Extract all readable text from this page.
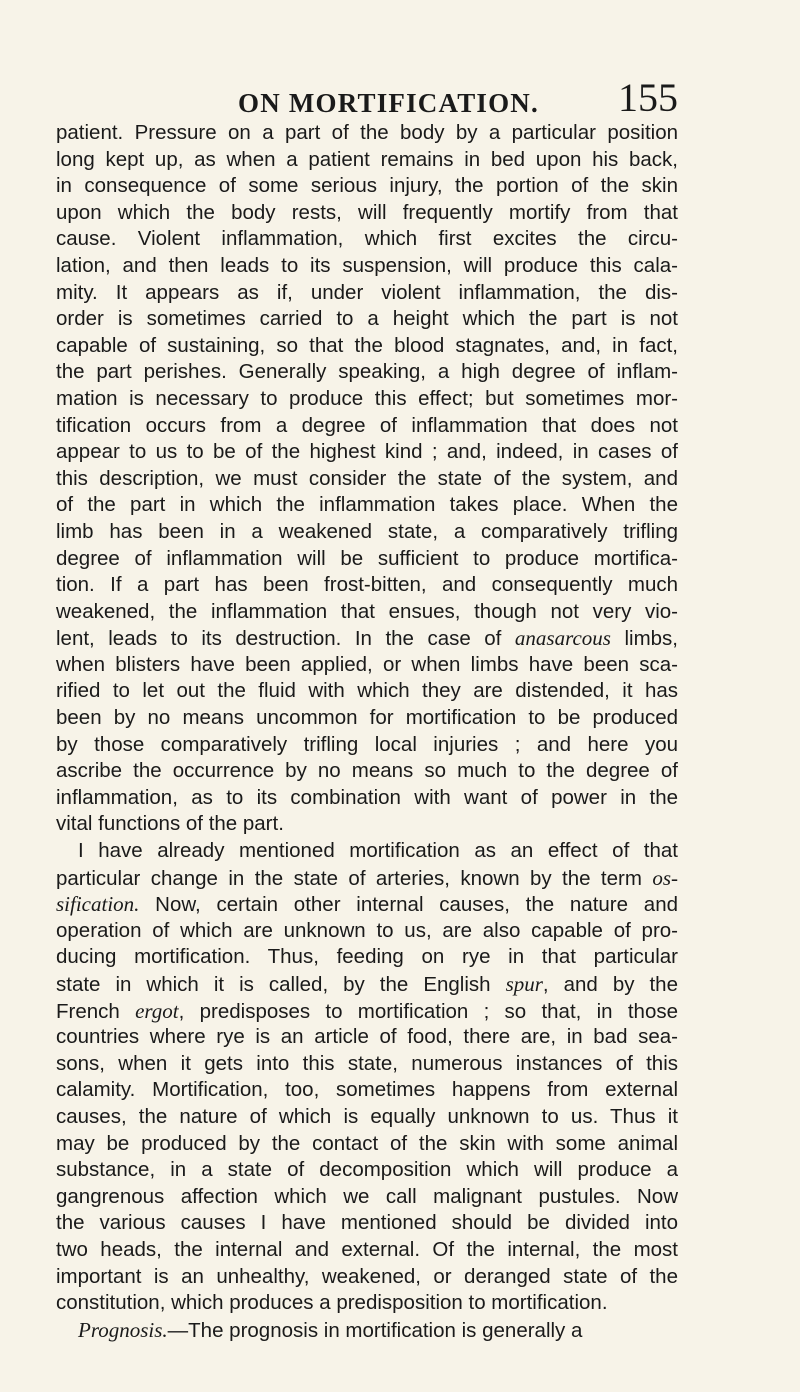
ON MORTIFICATION. 155
patient. Pressure on a part of the body by a particular position
long kept up, as when a patient remains in bed upon his back,
in consequence of some serious injury, the portion of the skin
upon which the body rests, will frequently mortify from that
cause. Violent inflammation, which first excites the circu-
lation, and then leads to its suspension, will produce this cala-
mity. It appears as if, under violent inflammation, the dis-
order is sometimes carried to a height which the part is not
capable of sustaining, so that the blood stagnates, and, in fact,
the part perishes. Generally speaking, a high degree of inflam-
mation is necessary to produce this effect; but sometimes mor-
tification occurs from a degree of inflammation that does not
appear to us to be of the highest kind ; and, indeed, in cases of
this description, we must consider the state of the system, and
of the part in which the inflammation takes place. When the
limb has been in a weakened state, a comparatively trifling
degree of inflammation will be sufficient to produce mortifica-
tion. If a part has been frost-bitten, and consequently much
weakened, the inflammation that ensues, though not very vio-
lent, leads to its destruction. In the case of anasarcous limbs,
when blisters have been applied, or when limbs have been sca-
rified to let out the fluid with which they are distended, it has
been by no means uncommon for mortification to be produced
by those comparatively trifling local injuries ; and here you
ascribe the occurrence by no means so much to the degree of
inflammation, as to its combination with want of power in the
vital functions of the part.
I have already mentioned mortification as an effect of that
particular change in the state of arteries, known by the term os-
sification. Now, certain other internal causes, the nature and
operation of which are unknown to us, are also capable of pro-
ducing mortification. Thus, feeding on rye in that particular
state in which it is called, by the English spur, and by the
French ergot, predisposes to mortification ; so that, in those
countries where rye is an article of food, there are, in bad sea-
sons, when it gets into this state, numerous instances of this
calamity. Mortification, too, sometimes happens from external
causes, the nature of which is equally unknown to us. Thus it
may be produced by the contact of the skin with some animal
substance, in a state of decomposition which will produce a
gangrenous affection which we call malignant pustules. Now
the various causes I have mentioned should be divided into
two heads, the internal and external. Of the internal, the most
important is an unhealthy, weakened, or deranged state of the
constitution, which produces a predisposition to mortification.
Prognosis.—The prognosis in mortification is generally a
